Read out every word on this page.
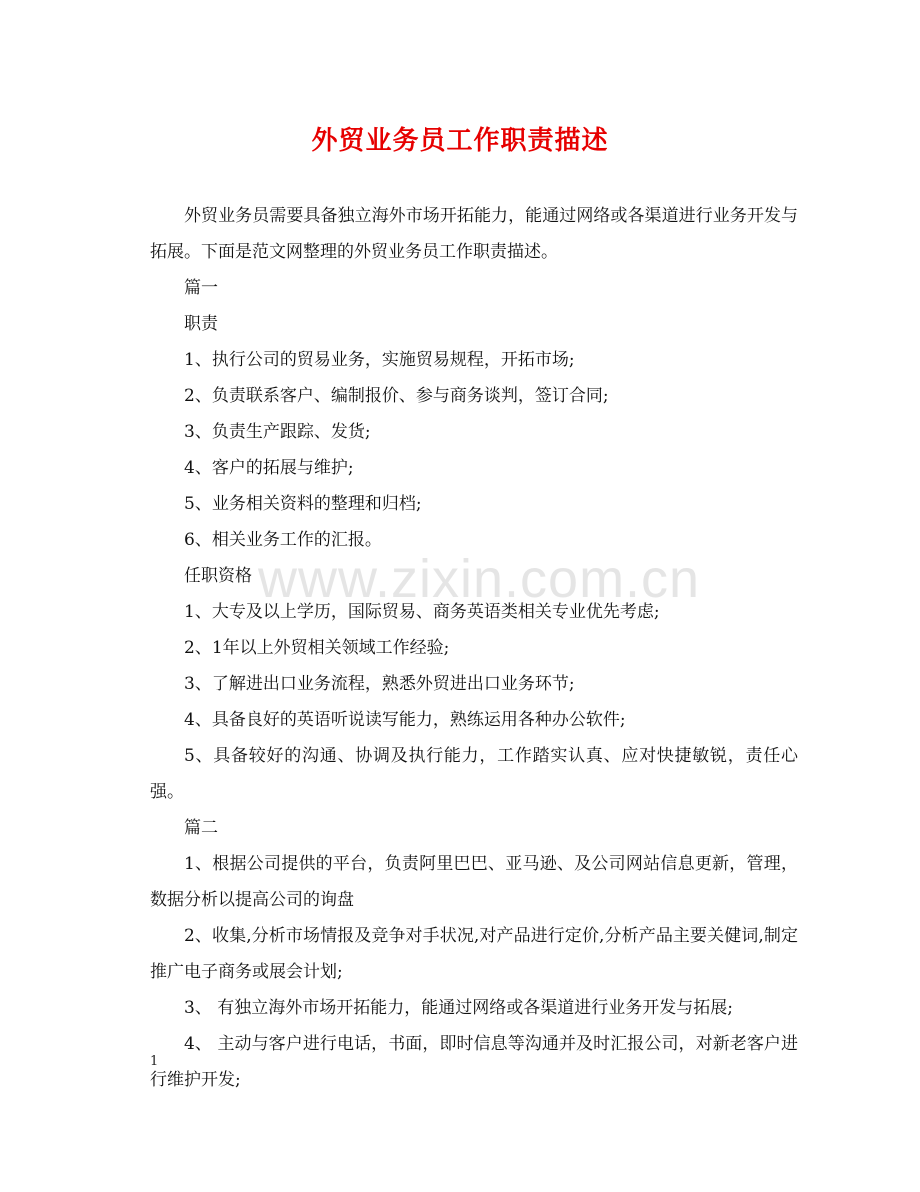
外贸业务员工作职责描述

外贸业务员需要具备独立海外市场开拓能力，能通过网络或各渠道进行业务开发与拓展。下面是范文网整理的外贸业务员工作职责描述。

篇一

职责

1、执行公司的贸易业务，实施贸易规程，开拓市场;

2、负责联系客户、编制报价、参与商务谈判，签订合同;

3、负责生产跟踪、发货;

4、客户的拓展与维护;

5、业务相关资料的整理和归档;

6、相关业务工作的汇报。

任职资格

1、大专及以上学历，国际贸易、商务英语类相关专业优先考虑;

2、1年以上外贸相关领域工作经验;

3、了解进出口业务流程，熟悉外贸进出口业务环节;

4、具备良好的英语听说读写能力，熟练运用各种办公软件;

5、具备较好的沟通、协调及执行能力，工作踏实认真、应对快捷敏锐，责任心强。

篇二

1、根据公司提供的平台，负责阿里巴巴、亚马逊、及公司网站信息更新，管理，数据分析以提高公司的询盘

2、收集,分析市场情报及竞争对手状况,对产品进行定价,分析产品主要关健词,制定推广电子商务或展会计划;

3、 有独立海外市场开拓能力，能通过网络或各渠道进行业务开发与拓展;

4、 主动与客户进行电话，书面，即时信息等沟通并及时汇报公司，对新老客户进行维护开发;

www.zixin.com.cn
1
